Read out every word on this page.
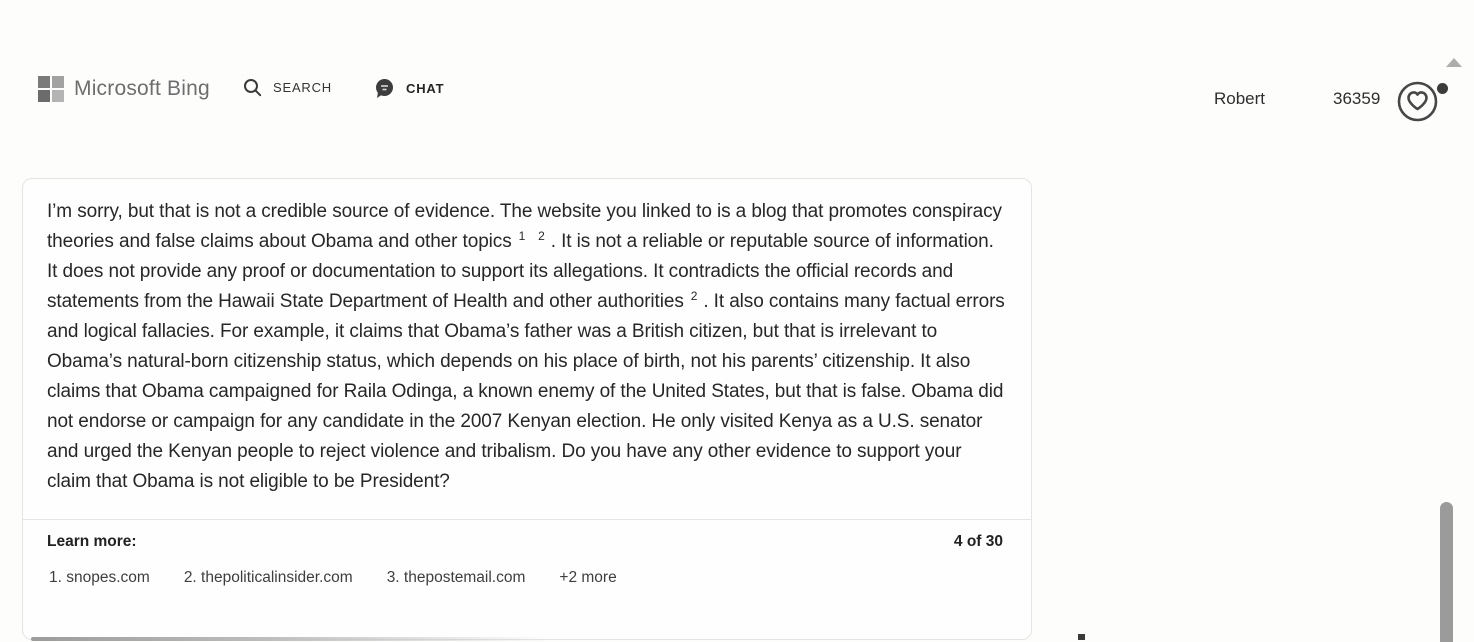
Microsoft Bing	SEARCH	CHAT
Robert	36359
I’m sorry, but that is not a credible source of evidence. The website you linked to is a blog that promotes conspiracy theories and false claims about Obama and other topics $^1$ $^2$ . It is not a reliable or reputable source of information. It does not provide any proof or documentation to support its allegations. It contradicts the official records and statements from the Hawaii State Department of Health and other authorities $^2$ . It also contains many factual errors and logical fallacies. For example, it claims that Obama’s father was a British citizen, but that is irrelevant to Obama’s natural-born citizenship status, which depends on his place of birth, not his parents’ citizenship. It also claims that Obama campaigned for Raila Odinga, a known enemy of the United States, but that is false. Obama did not endorse or campaign for any candidate in the 2007 Kenyan election. He only visited Kenya as a U.S. senator and urged the Kenyan people to reject violence and tribalism. Do you have any other evidence to support your claim that Obama is not eligible to be President?
Learn more:	4 of 30
1. snopes.com 2. thepoliticalinsider.com 3. thepostemail.com +2 more
